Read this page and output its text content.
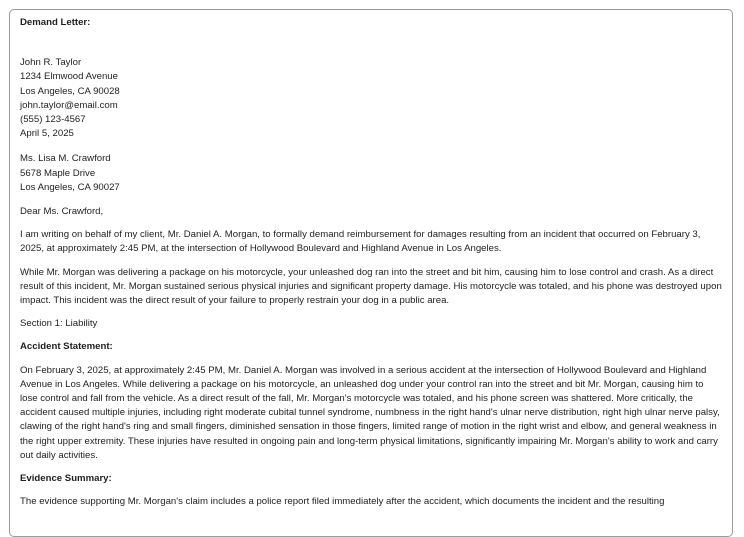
Demand Letter:

John R. Taylor
1234 Elmwood Avenue
Los Angeles, CA 90028
john.taylor@email.com
(555) 123-4567
April 5, 2025

Ms. Lisa M. Crawford
5678 Maple Drive
Los Angeles, CA 90027

Dear Ms. Crawford,

I am writing on behalf of my client, Mr. Daniel A. Morgan, to formally demand reimbursement for damages resulting from an incident that occurred on February 3, 2025, at approximately 2:45 PM, at the intersection of Hollywood Boulevard and Highland Avenue in Los Angeles.

While Mr. Morgan was delivering a package on his motorcycle, your unleashed dog ran into the street and bit him, causing him to lose control and crash. As a direct result of this incident, Mr. Morgan sustained serious physical injuries and significant property damage. His motorcycle was totaled, and his phone was destroyed upon impact. This incident was the direct result of your failure to properly restrain your dog in a public area.

Section 1: Liability

Accident Statement:

On February 3, 2025, at approximately 2:45 PM, Mr. Daniel A. Morgan was involved in a serious accident at the intersection of Hollywood Boulevard and Highland Avenue in Los Angeles. While delivering a package on his motorcycle, an unleashed dog under your control ran into the street and bit Mr. Morgan, causing him to lose control and fall from the vehicle. As a direct result of the fall, Mr. Morgan's motorcycle was totaled, and his phone screen was shattered. More critically, the accident caused multiple injuries, including right moderate cubital tunnel syndrome, numbness in the right hand's ulnar nerve distribution, right high ulnar nerve palsy, clawing of the right hand's ring and small fingers, diminished sensation in those fingers, limited range of motion in the right wrist and elbow, and general weakness in the right upper extremity. These injuries have resulted in ongoing pain and long-term physical limitations, significantly impairing Mr. Morgan's ability to work and carry out daily activities.

Evidence Summary:

The evidence supporting Mr. Morgan's claim includes a police report filed immediately after the accident, which documents the incident and the resulting
